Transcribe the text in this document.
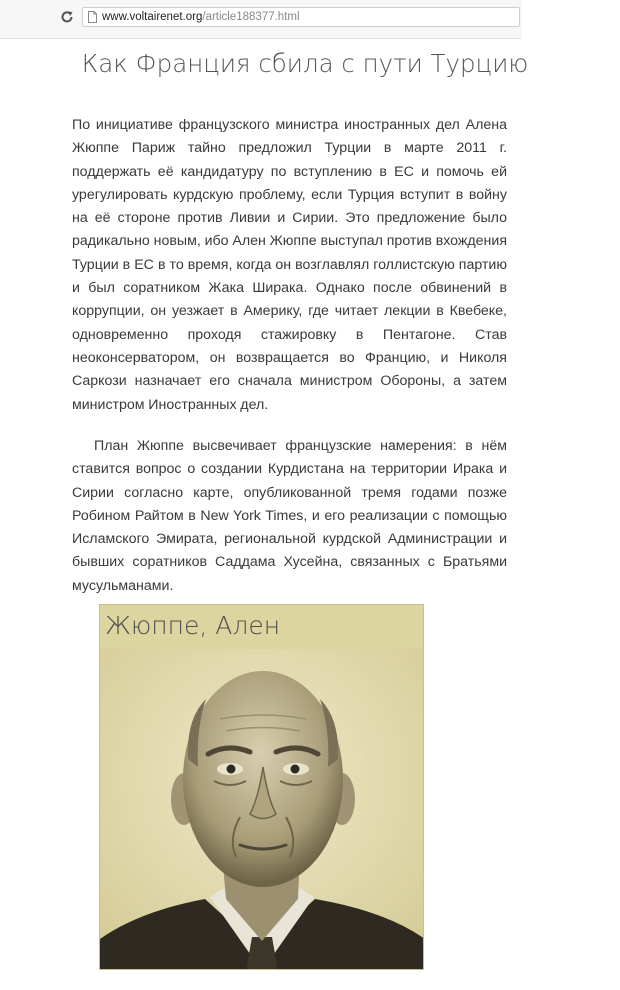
www.voltairenet.org/article188377.html
Как Франция сбила с пути Турцию

По инициативе французского министра иностранных дел Алена Жюппе Париж тайно предложил Турции в марте 2011 г. поддержать её кандидатуру по вступлению в ЕС и помочь ей урегулировать курдскую проблему, если Турция вступит в войну на её стороне против Ливии и Сирии. Это предложение было радикально новым, ибо Ален Жюппе выступал против вхождения Турции в ЕС в то время, когда он возглавлял голлистскую партию и был соратником Жака Ширака. Однако после обвинений в коррупции, он уезжает в Америку, где читает лекции в Квебеке, одновременно проходя стажировку в Пентагоне. Став неоконсерватором, он возвращается во Францию, и Николя Саркози назначает его сначала министром Обороны, а затем министром Иностранных дел.

План Жюппе высвечивает французские намерения: в нём ставится вопрос о создании Курдистана на территории Ирака и Сирии согласно карте, опубликованной тремя годами позже Робином Райтом в New York Times, и его реализации с помощью Исламского Эмирата, региональной курдской Администрации и бывших соратников Саддама Хусейна, связанных с Братьями мусульманами.

Жюппе, Ален
